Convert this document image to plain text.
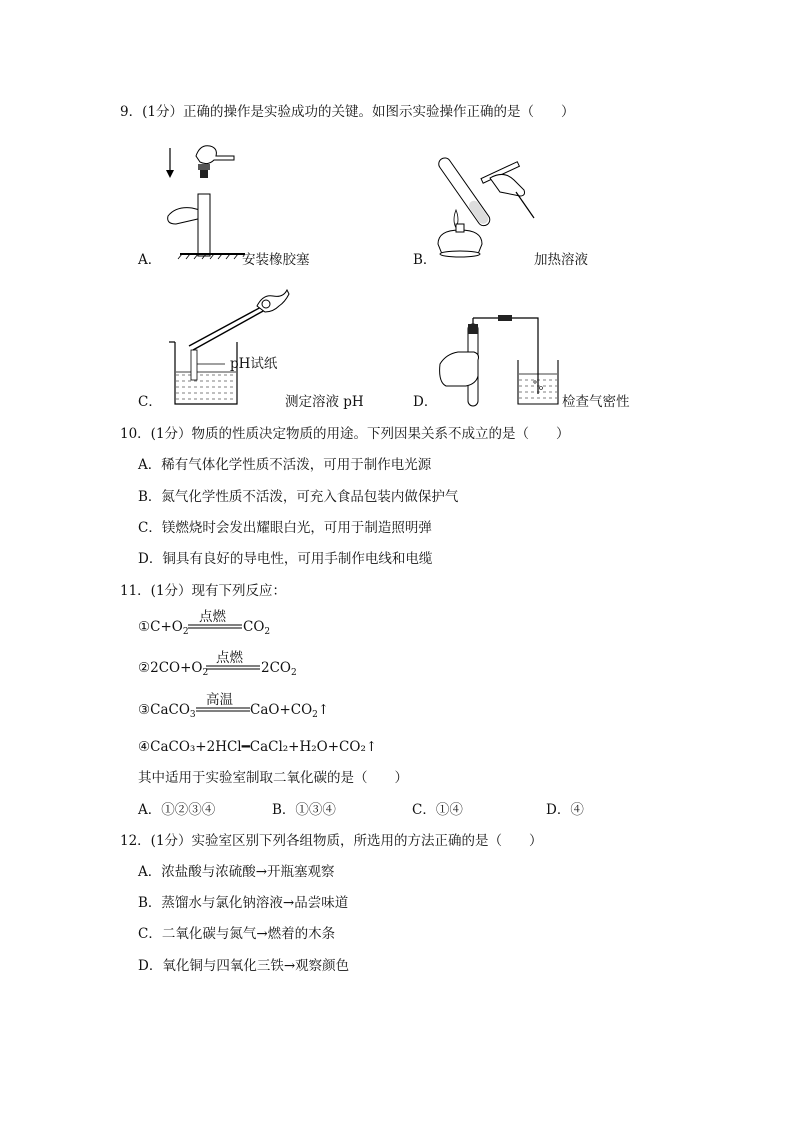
9．(1分）正确的操作是实验成功的关键。如图示实验操作正确的是（　　）
A．	安装橡胶塞	B．	加热溶液
pH试纸
C．	测定溶液 pH	D．	检查气密性
10．(1分）物质的性质决定物质的用途。下列因果关系不成立的是（　　）
A．稀有气体化学性质不活泼，可用于制作电光源
B．氮气化学性质不活泼，可充入食品包装内做保护气
C．镁燃烧时会发出耀眼白光，可用于制造照明弹
D．铜具有良好的导电性，可用手制作电线和电缆
11．(1分）现有下列反应：
$①C+O_2$
点燃
$CO_2$
$②2CO+O_2$
点燃
$2CO_2$
③CaCO$_3$
高温
$CaO+CO_2↑$
④CaCO₃+2HCl━CaCl₂+H₂O+CO₂↑
其中适用于实验室制取二氧化碳的是（　　）
A．①②③④	B．①③④	C．①④	D．④
12．(1分）实验室区别下列各组物质，所选用的方法正确的是（　　）
A．浓盐酸与浓硫酸→开瓶塞观察
B．蒸馏水与氯化钠溶液→品尝味道
C．二氧化碳与氮气→燃着的木条
D．氧化铜与四氧化三铁→观察颜色
